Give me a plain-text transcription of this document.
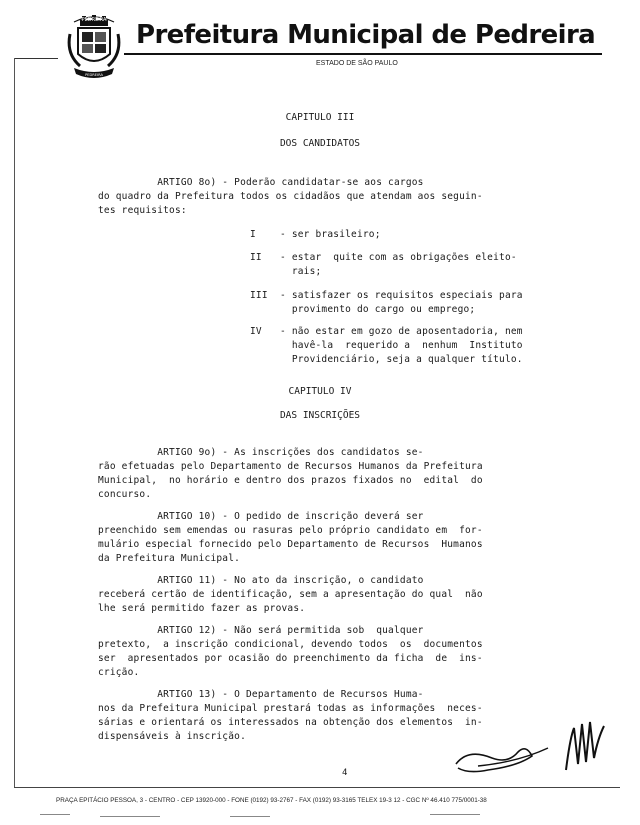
PEDREIRA
PEDREIRA
Prefeitura Municipal de Pedreira
ESTADO DE SÃO PAULO
CAPITULO III
DOS CANDIDATOS
ARTIGO 8o) - Poderão candidatar-se aos cargos
do quadro da Prefeitura todos os cidadãos que atendam aos seguin-
tes requisitos:
I	- ser brasileiro;
II - estar  quite com as obrigações eleito-
rais;
III - satisfazer os requisitos especiais para
provimento do cargo ou emprego;
IV - não estar em gozo de aposentadoria, nem
havê-la  requerido a  nenhum  Instituto
Providenciário, seja a qualquer título.
CAPITULO IV
DAS INSCRIÇÕES
ARTIGO 9o) - As inscrições dos candidatos se-
rão efetuadas pelo Departamento de Recursos Humanos da Prefeitura
Municipal,  no horário e dentro dos prazos fixados no  edital  do
concurso.
ARTIGO 10) - O pedido de inscrição deverá ser
preenchido sem emendas ou rasuras pelo próprio candidato em  for-
mulário especial fornecido pelo Departamento de Recursos  Humanos
da Prefeitura Municipal.
ARTIGO 11) - No ato da inscrição, o candidato
receberá certão de identificação, sem a apresentação do qual  não
lhe será permitido fazer as provas.
ARTIGO 12) - Não será permitida sob  qualquer
pretexto,  a inscrição condicional, devendo todos  os  documentos
ser  apresentados por ocasião do preenchimento da ficha  de  ins-
crição.
ARTIGO 13) - O Departamento de Recursos Huma-
nos da Prefeitura Municipal prestará todas as informações  neces-
sárias e orientará os interessados na obtenção dos elementos  in-
dispensáveis à inscrição.
4
PRAÇA EPITÁCIO PESSOA, 3 - CENTRO - CEP 13920-000 - FONE (0192) 93-2767 - FAX (0192) 93-3165 TELEX 19-3 12 - CGC Nº 46.410 775/0001-38
